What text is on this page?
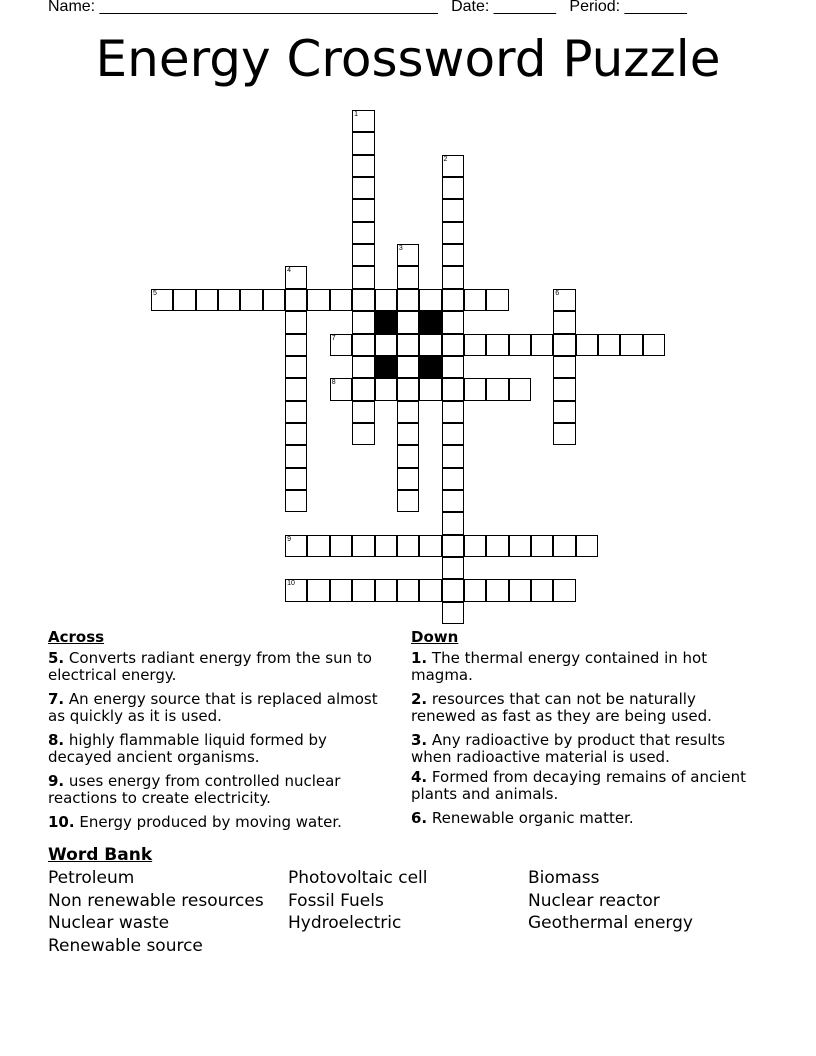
Name: ______________________________________ Date: _______ Period: _______
Energy Crossword Puzzle
1
2
3
4
5	6
7
8
9
10
Across
5. Converts radiant energy from the sun to electrical energy.
7. An energy source that is replaced almost as quickly as it is used.
8. highly flammable liquid formed by decayed ancient organisms.
9. uses energy from controlled nuclear reactions to create electricity.
10. Energy produced by moving water.
Down
1. The thermal energy contained in hot magma.
2. resources that can not be naturally renewed as fast as they are being used.
3. Any radioactive by product that results when radioactive material is used.
4. Formed from decaying remains of ancient plants and animals.
6. Renewable organic matter.
Word Bank
Petroleum
Non renewable resources
Nuclear waste
Renewable source
Photovoltaic cell
Fossil Fuels
Hydroelectric
Biomass
Nuclear reactor
Geothermal energy
